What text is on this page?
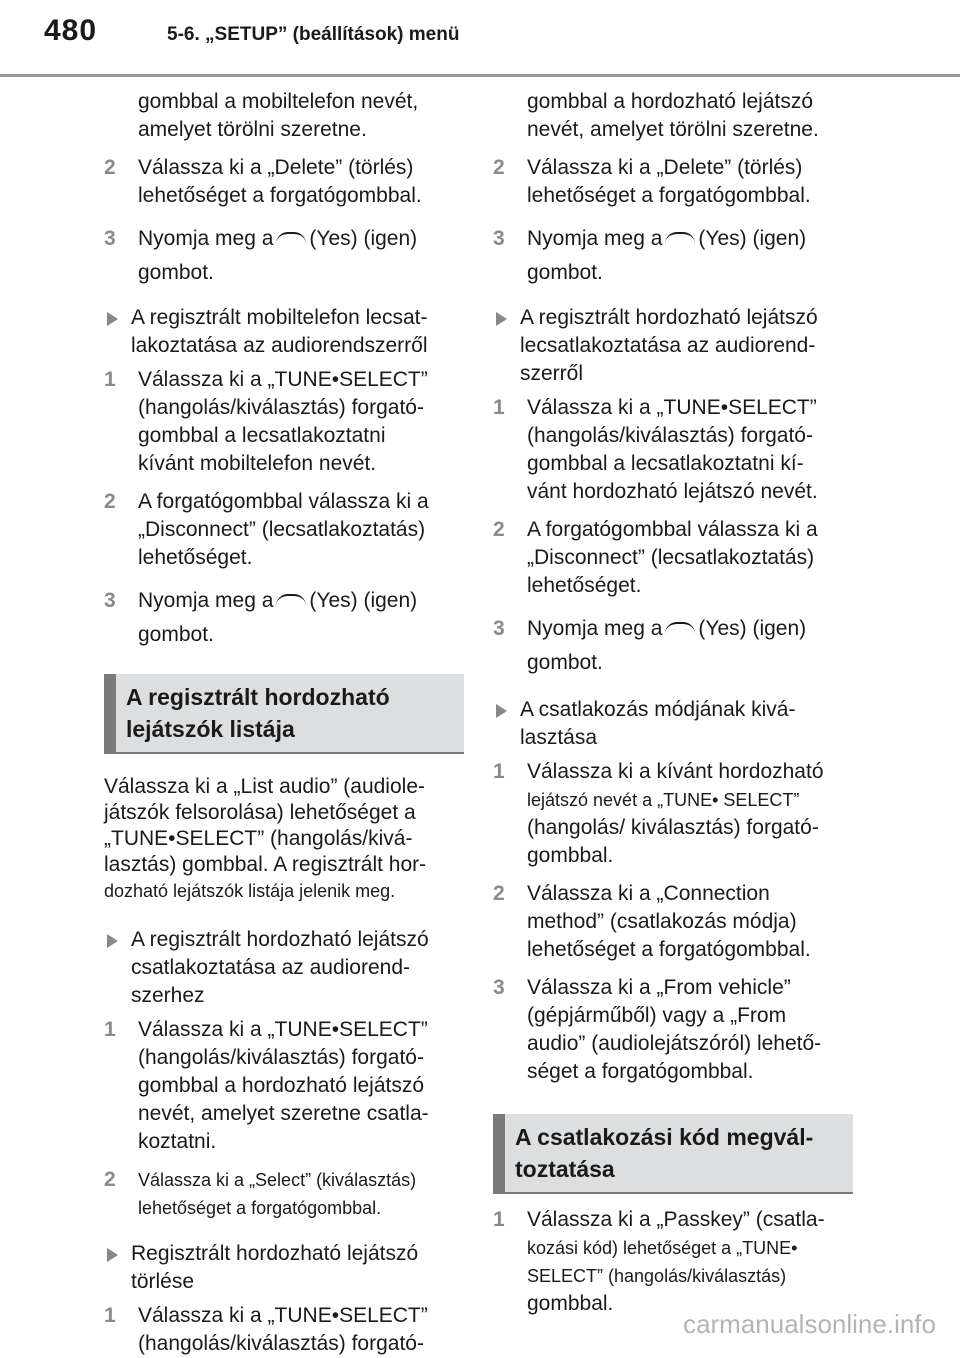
480	5-6. „SETUP” (beállítások) menü
gombbal a mobiltelefon nevét,
amelyet törölni szeretne.
2 Válassza ki a „Delete” (törlés)
lehetőséget a forgatógombbal.
3 Nyomja meg a (Yes) (igen)
gombot.
A regisztrált mobiltelefon lecsat-
lakoztatása az audiorendszerről
1 Válassza ki a „TUNE•SELECT”
(hangolás/kiválasztás) forgató-
gombbal a lecsatlakoztatni
kívánt mobiltelefon nevét.
2 A forgatógombbal válassza ki a
„Disconnect” (lecsatlakoztatás)
lehetőséget.
3 Nyomja meg a (Yes) (igen)
gombot.
A regisztrált hordozható
lejátszók listája
Válassza ki a „List audio” (audiole-
játszók felsorolása) lehetőséget a
„TUNE•SELECT” (hangolás/kivá-
lasztás) gombbal. A regisztrált hor-
dozható lejátszók listája jelenik meg.
A regisztrált hordozható lejátszó
csatlakoztatása az audiorend-
szerhez
1 Válassza ki a „TUNE•SELECT”
(hangolás/kiválasztás) forgató-
gombbal a hordozható lejátszó
nevét, amelyet szeretne csatla-
koztatni.
2 Válassza ki a „Select” (kiválasztás)
lehetőséget a forgatógombbal.
Regisztrált hordozható lejátszó
törlése
1 Válassza ki a „TUNE•SELECT”
(hangolás/kiválasztás) forgató-
gombbal a hordozható lejátszó
nevét, amelyet törölni szeretne.
2 Válassza ki a „Delete” (törlés)
lehetőséget a forgatógombbal.
3 Nyomja meg a (Yes) (igen)
gombot.
A regisztrált hordozható lejátszó
lecsatlakoztatása az audiorend-
szerről
1 Válassza ki a „TUNE•SELECT”
(hangolás/kiválasztás) forgató-
gombbal a lecsatlakoztatni kí-
vánt hordozható lejátszó nevét.
2 A forgatógombbal válassza ki a
„Disconnect” (lecsatlakoztatás)
lehetőséget.
3 Nyomja meg a (Yes) (igen)
gombot.
A csatlakozás módjának kivá-
lasztása
1 Válassza ki a kívánt hordozható
lejátszó nevét a „TUNE• SELECT”
(hangolás/ kiválasztás) forgató-
gombbal.
2 Válassza ki a „Connection
method” (csatlakozás módja)
lehetőséget a forgatógombbal.
3 Válassza ki a „From vehicle”
(gépjárműből) vagy a „From
audio” (audiolejátszóról) lehető-
séget a forgatógombbal.
A csatlakozási kód megvál-
toztatása
1 Válassza ki a „Passkey” (csatla-
kozási kód) lehetőséget a „TUNE•
SELECT” (hangolás/kiválasztás)
gombbal.
carmanualsonline.info
